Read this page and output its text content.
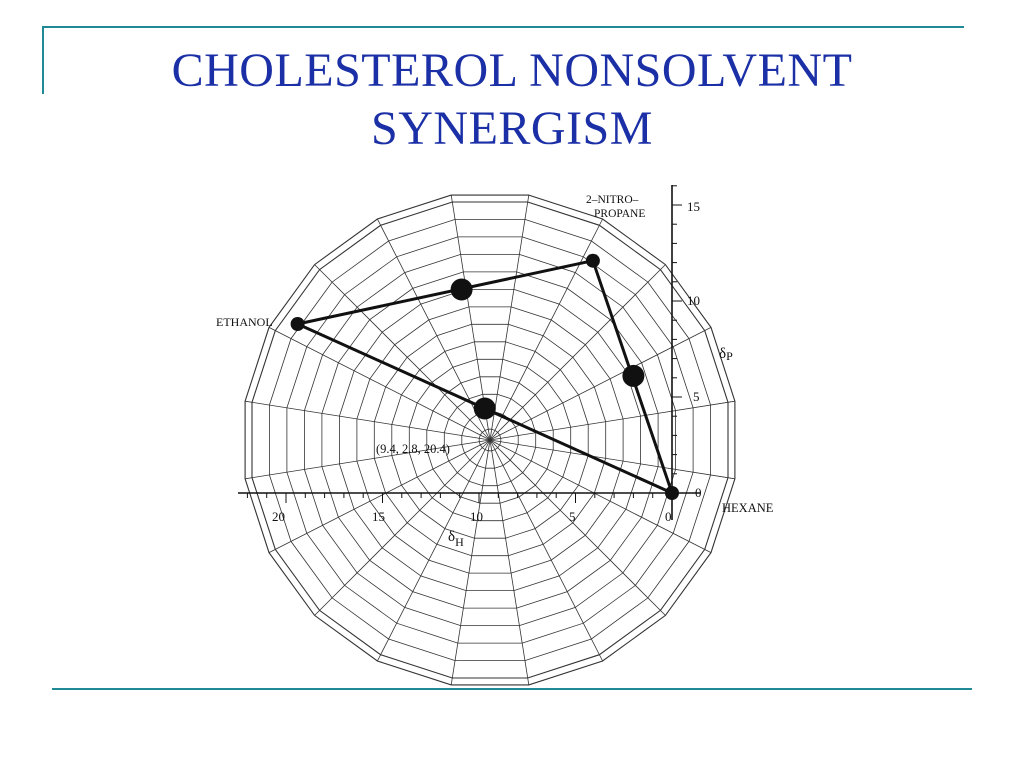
CHOLESTEROL NONSOLVENT
SYNERGISM
(9.4, 2.8, 20.4)
20	15	10	5	0
$\delta_H$
0
5
10
15
δP
ETHANOL
2–NITRO–
PROPANE
HEXANE
